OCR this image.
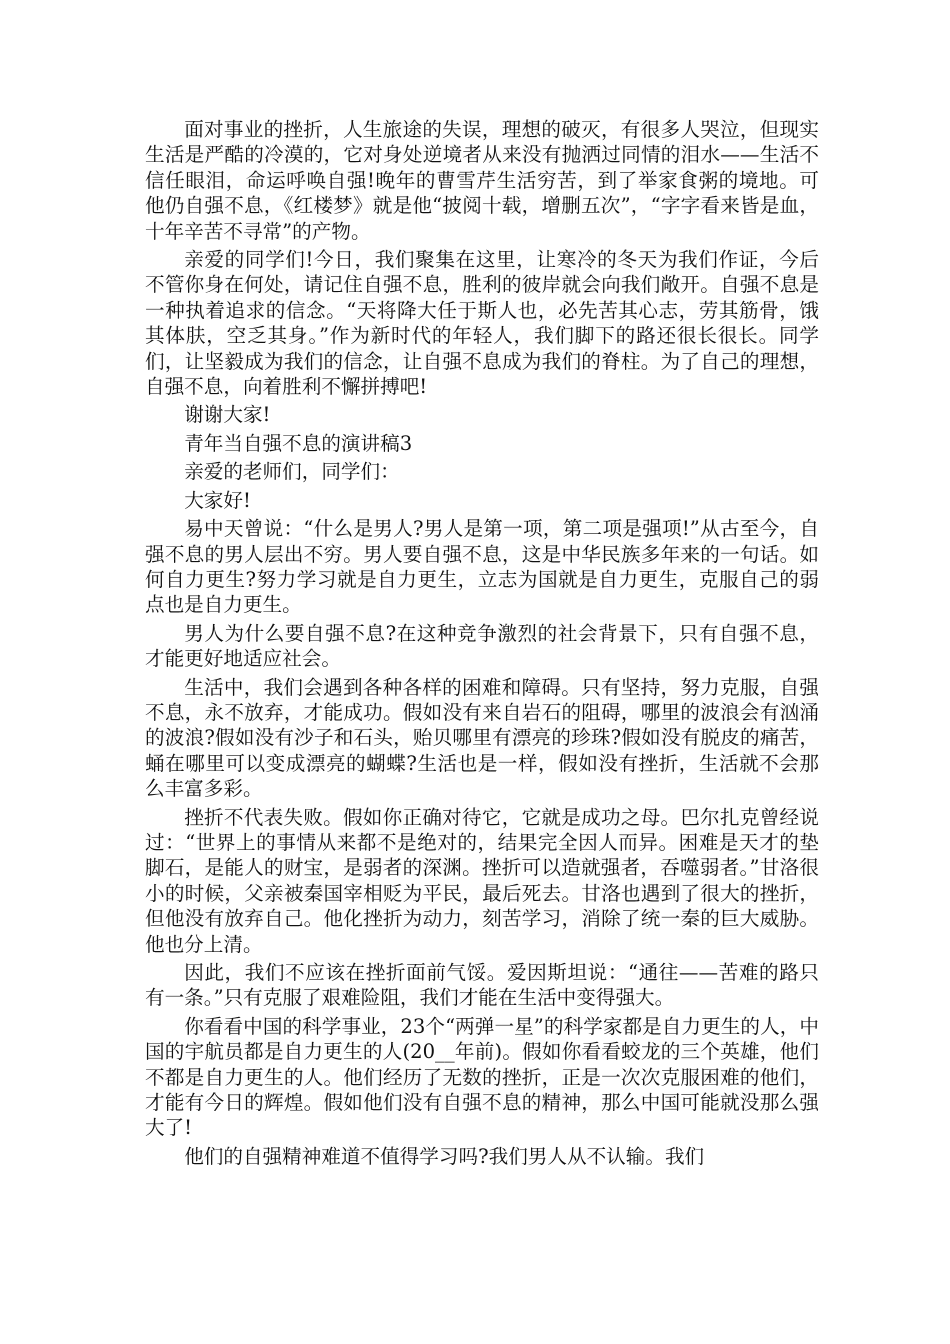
面对事业的挫折，人生旅途的失误，理想的破灭，有很多人哭泣，但现实生活是严酷的冷漠的，它对身处逆境者从来没有抛洒过同情的泪水——生活不信任眼泪，命运呼唤自强!晚年的曹雪芹生活穷苦，到了举家食粥的境地。可他仍自强不息，《红楼梦》就是他“披阅十载，增删五次”，“字字看来皆是血，十年辛苦不寻常”的产物。

亲爱的同学们!今日，我们聚集在这里，让寒冷的冬天为我们作证，今后不管你身在何处，请记住自强不息，胜利的彼岸就会向我们敞开。自强不息是一种执着追求的信念。“天将降大任于斯人也，必先苦其心志，劳其筋骨，饿其体肤，空乏其身。”作为新时代的年轻人，我们脚下的路还很长很长。同学们，让坚毅成为我们的信念，让自强不息成为我们的脊柱。为了自己的理想，自强不息，向着胜利不懈拼搏吧!

谢谢大家!

青年当自强不息的演讲稿3

亲爱的老师们，同学们：

大家好!

易中天曾说：“什么是男人?男人是第一项，第二项是强项!”从古至今，自强不息的男人层出不穷。男人要自强不息，这是中华民族多年来的一句话。如何自力更生?努力学习就是自力更生，立志为国就是自力更生，克服自己的弱点也是自力更生。

男人为什么要自强不息?在这种竞争激烈的社会背景下，只有自强不息，才能更好地适应社会。

生活中，我们会遇到各种各样的困难和障碍。只有坚持，努力克服，自强不息，永不放弃，才能成功。假如没有来自岩石的阻碍，哪里的波浪会有汹涌的波浪?假如没有沙子和石头，贻贝哪里有漂亮的珍珠?假如没有脱皮的痛苦，蛹在哪里可以变成漂亮的蝴蝶?生活也是一样，假如没有挫折，生活就不会那么丰富多彩。

挫折不代表失败。假如你正确对待它，它就是成功之母。巴尔扎克曾经说过：“世界上的事情从来都不是绝对的，结果完全因人而异。困难是天才的垫脚石，是能人的财宝，是弱者的深渊。挫折可以造就强者，吞噬弱者。”甘洛很小的时候，父亲被秦国宰相贬为平民，最后死去。甘洛也遇到了很大的挫折，但他没有放弃自己。他化挫折为动力，刻苦学习，消除了统一秦的巨大威胁。他也分上清。

因此，我们不应该在挫折面前气馁。爱因斯坦说：“通往——苦难的路只有一条。”只有克服了艰难险阻，我们才能在生活中变得强大。

你看看中国的科学事业，23个“两弹一星”的科学家都是自力更生的人，中国的宇航员都是自力更生的人(20__年前)。假如你看看蛟龙的三个英雄，他们不都是自力更生的人。他们经历了无数的挫折，正是一次次克服困难的他们，才能有今日的辉煌。假如他们没有自强不息的精神，那么中国可能就没那么强大了!

他们的自强精神难道不值得学习吗?我们男人从不认输。我们
